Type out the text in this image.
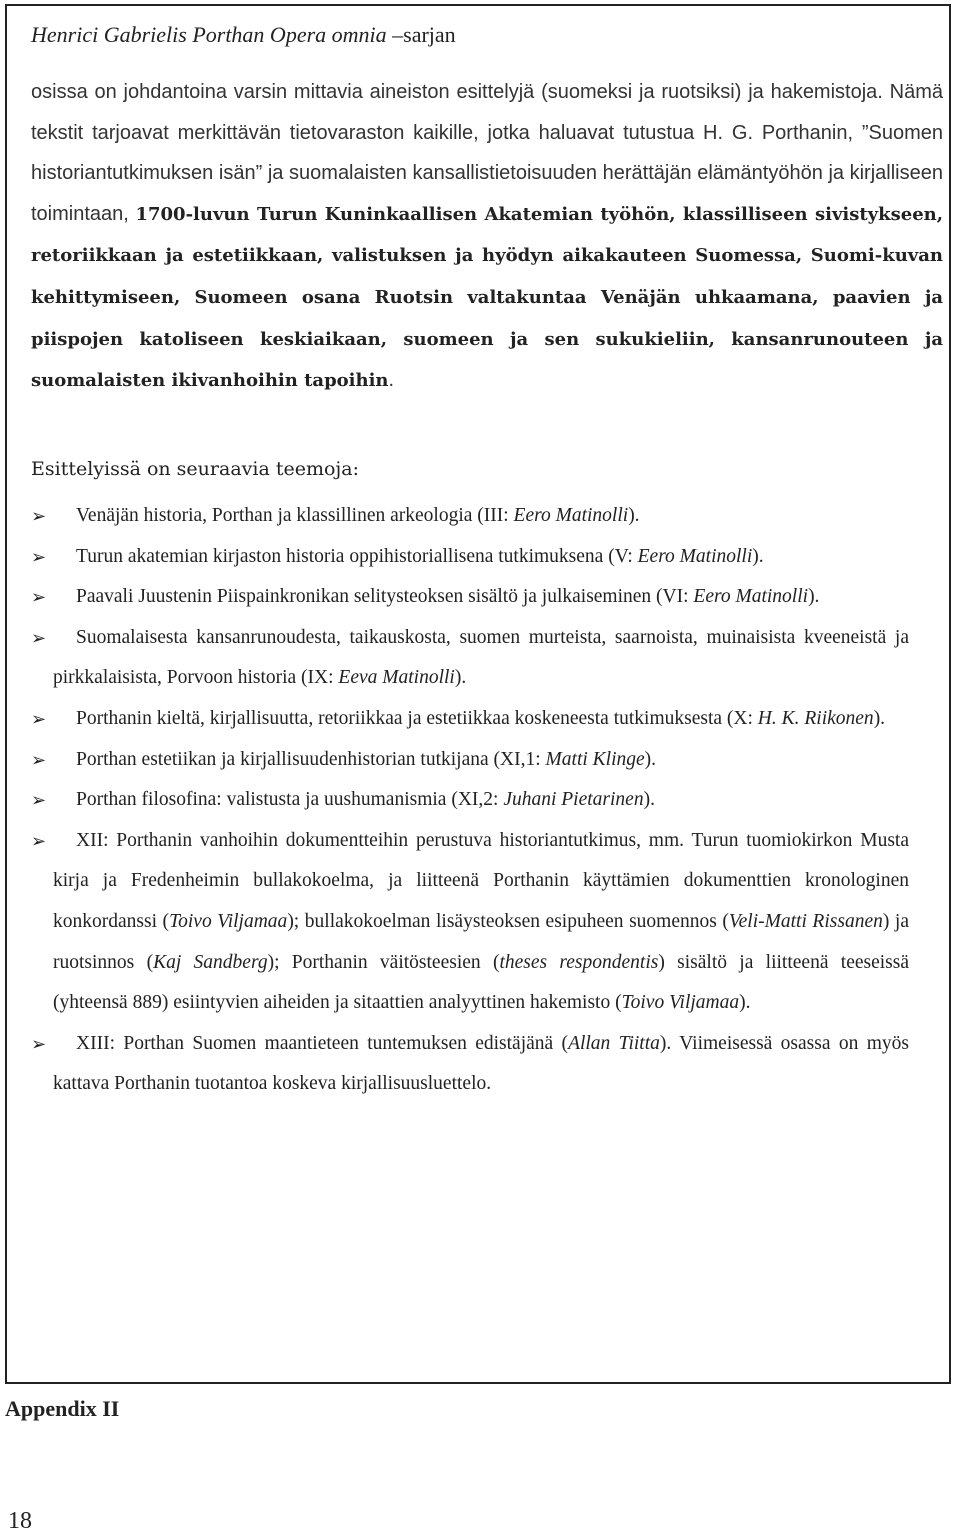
Henrici Gabrielis Porthan Opera omnia –sarjan
osissa on johdantoina varsin mittavia aineiston esittelyjä (suomeksi ja ruotsiksi) ja hakemistoja. Nämä tekstit tarjoavat merkittävän tietovaraston kaikille, jotka haluavat tutustua H. G. Porthanin, ”Suomen historiantutkimuksen isän” ja suomalaisten kansallistietoisuuden herättäjän elämäntyöhön ja kirjalliseen toimintaan, 1700-luvun Turun Kuninkaallisen Akatemian työhön, klassilliseen sivistykseen, retoriikkaan ja estetiikkaan, valistuksen ja hyödyn aikakauteen Suomessa, Suomi-kuvan kehittymiseen, Suomeen osana Ruotsin valtakuntaa Venäjän uhkaamana, paavien ja piispojen katoliseen keskiaikaan, suomeen ja sen sukukieliin, kansanrunouteen ja suomalaisten ikivanhoihin tapoihin.
Esittelyissä on seuraavia teemoja:
➢	Venäjän historia, Porthan ja klassillinen arkeologia (III: Eero Matinolli).
➢	Turun akatemian kirjaston historia oppihistoriallisena tutkimuksena (V: Eero Matinolli).
➢	Paavali Juustenin Piispainkronikan selitysteoksen sisältö ja julkaiseminen (VI: Eero Matinolli).
➢	Suomalaisesta kansanrunoudesta, taikauskosta, suomen murteista, saarnoista, muinaisista kveeneistä ja pirkkalaisista, Porvoon historia (IX: Eeva Matinolli).
➢	Porthanin kieltä, kirjallisuutta, retoriikkaa ja estetiikkaa koskeneesta tutkimuksesta (X: H. K. Riikonen).
➢	Porthan estetiikan ja kirjallisuudenhistorian tutkijana (XI,1: Matti Klinge).
➢	Porthan filosofina: valistusta ja uushumanismia (XI,2: Juhani Pietarinen).
➢	XII: Porthanin vanhoihin dokumentteihin perustuva historiantutkimus, mm. Turun tuomiokirkon Musta kirja ja Fredenheimin bullakokoelma, ja liitteenä Porthanin käyttämien dokumenttien kronologinen konkordanssi (Toivo Viljamaa); bullakokoelman lisäysteoksen esipuheen suomennos (Veli-Matti Rissanen) ja ruotsinnos (Kaj Sandberg); Porthanin väitösteesien (theses respondentis) sisältö ja liitteenä teeseissä (yhteensä 889) esiintyvien aiheiden ja sitaattien analyyttinen hakemisto (Toivo Viljamaa).
➢	XIII: Porthan Suomen maantieteen tuntemuksen edistäjänä (Allan Tiitta). Viimeisessä osassa on myös kattava Porthanin tuotantoa koskeva kirjallisuusluettelo.
Appendix II
18
